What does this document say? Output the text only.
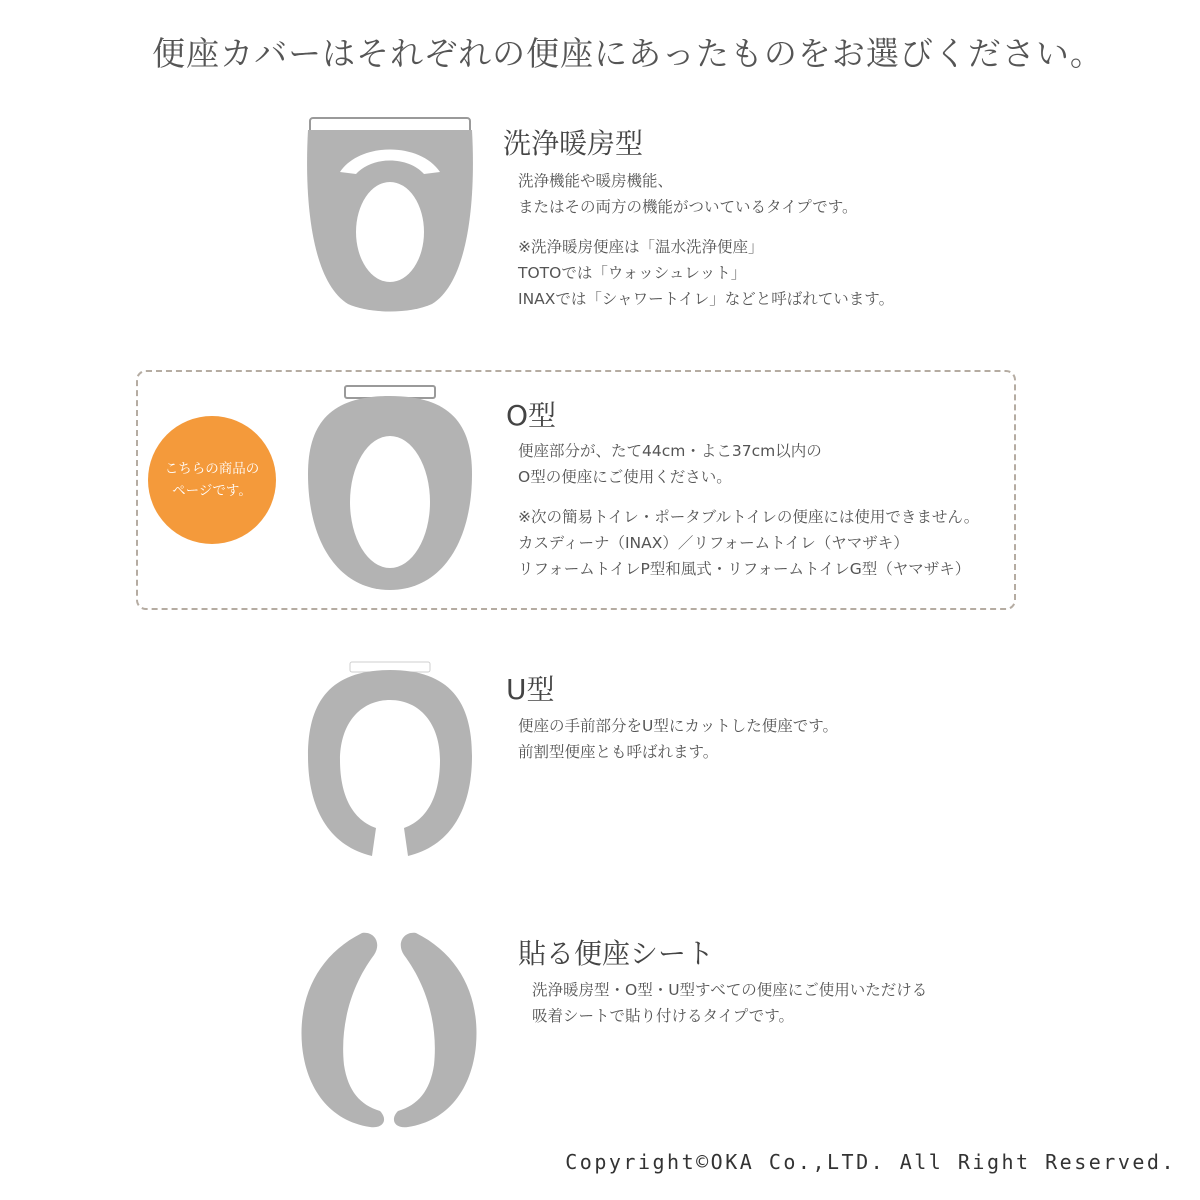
便座カバーはそれぞれの便座にあったものをお選びください。
洗浄暖房型

洗浄機能や暖房機能、

またはその両方の機能がついているタイプです。

※洗浄暖房便座は「温水洗浄便座」

TOTOでは「ウォッシュレット」

INAXでは「シャワートイレ」などと呼ばれています。

こちらの商品の
ページです。
O型

便座部分が、たて44cm・よこ37cm以内の

O型の便座にご使用ください。

※次の簡易トイレ・ポータブルトイレの便座には使用できません。

カスディーナ（INAX）／リフォームトイレ（ヤマザキ）

リフォームトイレP型和風式・リフォームトイレG型（ヤマザキ）

U型

便座の手前部分をU型にカットした便座です。

前割型便座とも呼ばれます。

貼る便座シート

洗浄暖房型・O型・U型すべての便座にご使用いただける

吸着シートで貼り付けるタイプです。

Copyright©OKA Co.,LTD. All Right Reserved.
